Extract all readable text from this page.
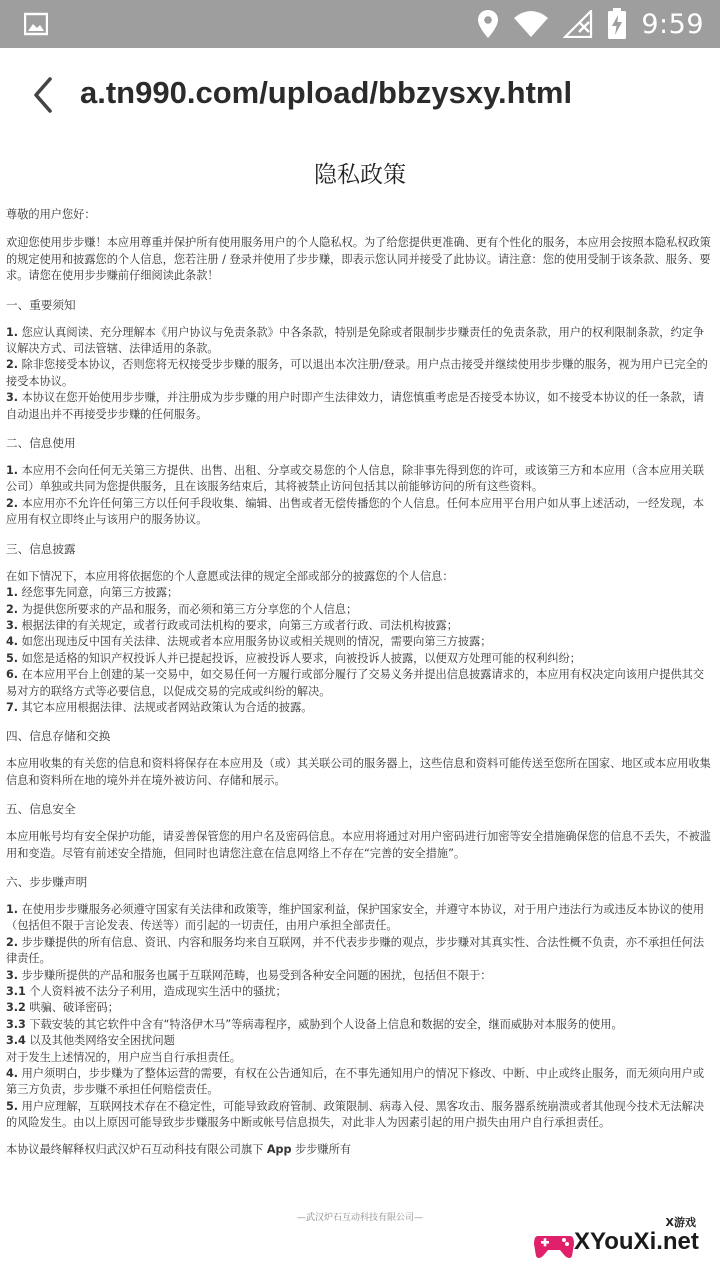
9:59
a.tn990.com/upload/bbzysxy.html
隐私政策
尊敬的用户您好：
欢迎您使用步步赚！本应用尊重并保护所有使用服务用户的个人隐私权。为了给您提供更准确、更有个性化的服务，本应用会按照本隐私权政策的规定使用和披露您的个人信息，您若注册 / 登录并使用了步步赚，即表示您认同并接受了此协议。请注意：您的使用受制于该条款、服务、要求。请您在使用步步赚前仔细阅读此条款！
一、重要须知
1. 您应认真阅读、充分理解本《用户协议与免责条款》中各条款，特别是免除或者限制步步赚责任的免责条款，用户的权利限制条款，约定争议解决方式、司法管辖、法律适用的条款。
2. 除非您接受本协议，否则您将无权接受步步赚的服务，可以退出本次注册/登录。用户点击接受并继续使用步步赚的服务，视为用户已完全的接受本协议。
3. 本协议在您开始使用步步赚，并注册成为步步赚的用户时即产生法律效力，请您慎重考虑是否接受本协议，如不接受本协议的任一条款，请自动退出并不再接受步步赚的任何服务。
二、信息使用
1. 本应用不会向任何无关第三方提供、出售、出租、分享或交易您的个人信息，除非事先得到您的许可，或该第三方和本应用（含本应用关联公司）单独或共同为您提供服务，且在该服务结束后，其将被禁止访问包括其以前能够访问的所有这些资料。
2. 本应用亦不允许任何第三方以任何手段收集、编辑、出售或者无偿传播您的个人信息。任何本应用平台用户如从事上述活动，一经发现，本应用有权立即终止与该用户的服务协议。
三、信息披露
在如下情况下，本应用将依据您的个人意愿或法律的规定全部或部分的披露您的个人信息：
1. 经您事先同意，向第三方披露；
2. 为提供您所要求的产品和服务，而必须和第三方分享您的个人信息；
3. 根据法律的有关规定，或者行政或司法机构的要求，向第三方或者行政、司法机构披露；
4. 如您出现违反中国有关法律、法规或者本应用服务协议或相关规则的情况，需要向第三方披露；
5. 如您是适格的知识产权投诉人并已提起投诉，应被投诉人要求，向被投诉人披露，以便双方处理可能的权利纠纷；
6. 在本应用平台上创建的某一交易中，如交易任何一方履行或部分履行了交易义务并提出信息披露请求的，本应用有权决定向该用户提供其交易对方的联络方式等必要信息，以促成交易的完成或纠纷的解决。
7. 其它本应用根据法律、法规或者网站政策认为合适的披露。
四、信息存储和交换
本应用收集的有关您的信息和资料将保存在本应用及（或）其关联公司的服务器上，这些信息和资料可能传送至您所在国家、地区或本应用收集信息和资料所在地的境外并在境外被访问、存储和展示。
五、信息安全
本应用帐号均有安全保护功能，请妥善保管您的用户名及密码信息。本应用将通过对用户密码进行加密等安全措施确保您的信息不丢失，不被滥用和变造。尽管有前述安全措施，但同时也请您注意在信息网络上不存在“完善的安全措施”。
六、步步赚声明
1. 在使用步步赚服务必须遵守国家有关法律和政策等，维护国家利益，保护国家安全，并遵守本协议，对于用户违法行为或违反本协议的使用（包括但不限于言论发表、传送等）而引起的一切责任，由用户承担全部责任。
2. 步步赚提供的所有信息、资讯、内容和服务均来自互联网，并不代表步步赚的观点，步步赚对其真实性、合法性概不负责，亦不承担任何法律责任。
3. 步步赚所提供的产品和服务也属于互联网范畴，也易受到各种安全问题的困扰，包括但不限于：
3.1 个人资料被不法分子利用，造成现实生活中的骚扰；
3.2 哄骗、破译密码；
3.3 下载安装的其它软件中含有“特洛伊木马”等病毒程序，威胁到个人设备上信息和数据的安全，继而威胁对本服务的使用。
3.4 以及其他类网络安全困扰问题
对于发生上述情况的，用户应当自行承担责任。
4. 用户须明白，步步赚为了整体运营的需要，有权在公告通知后，在不事先通知用户的情况下修改、中断、中止或终止服务，而无须向用户或第三方负责，步步赚不承担任何赔偿责任。
5. 用户应理解，互联网技术存在不稳定性，可能导致政府管制、政策限制、病毒入侵、黑客攻击、服务器系统崩溃或者其他现今技术无法解决的风险发生。由以上原因可能导致步步赚服务中断或帐号信息损失，对此非人为因素引起的用户损失由用户自行承担责任。
本协议最终解释权归武汉炉石互动科技有限公司旗下 App 步步赚所有
—武汉炉石互动科技有限公司—	X游戏
XYouXi.net
